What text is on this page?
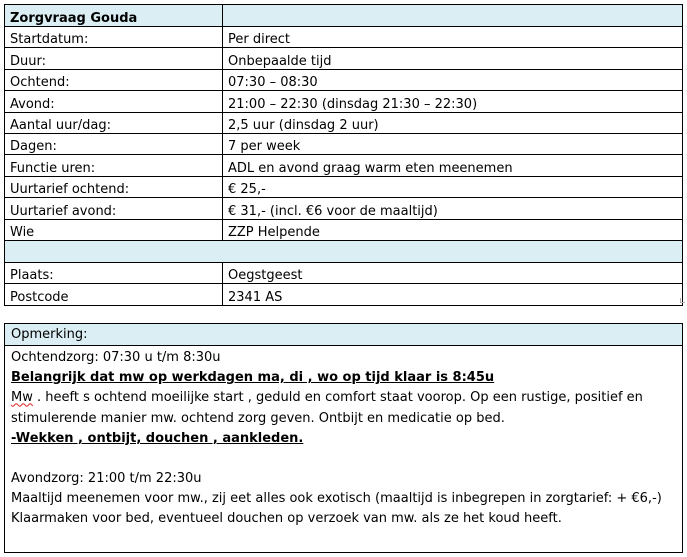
Zorgvraag Gouda	
Startdatum:	Per direct
Duur:	Onbepaalde tijd
Ochtend:	07:30 – 08:30
Avond:	21:00 – 22:30 (dinsdag 21:30 – 22:30)
Aantal uur/dag:	2,5 uur (dinsdag 2 uur)
Dagen:	7 per week
Functie uren:	ADL en avond graag warm eten meenemen
Uurtarief ochtend:	€ 25,-
Uurtarief avond:	€ 31,- (incl. €6 voor de maaltijd)
Wie	ZZP Helpende

Plaats:	Oegstgeest
Postcode	2341 AS
Opmerking:
Ochtendzorg: 07:30 u t/m 8:30u
Belangrijk dat mw op werkdagen ma, di , wo op tijd klaar is 8:45u
Mw . heeft s ochtend moeilijke start , geduld en comfort staat voorop. Op een rustige, positief en
stimulerende manier mw. ochtend zorg geven. Ontbijt en medicatie op bed.
-Wekken , ontbijt, douchen , aankleden.
Avondzorg: 21:00 t/m 22:30u
Maaltijd meenemen voor mw., zij eet alles ook exotisch (maaltijd is inbegrepen in zorgtarief: + €6,-)
Klaarmaken voor bed, eventueel douchen op verzoek van mw. als ze het koud heeft.
